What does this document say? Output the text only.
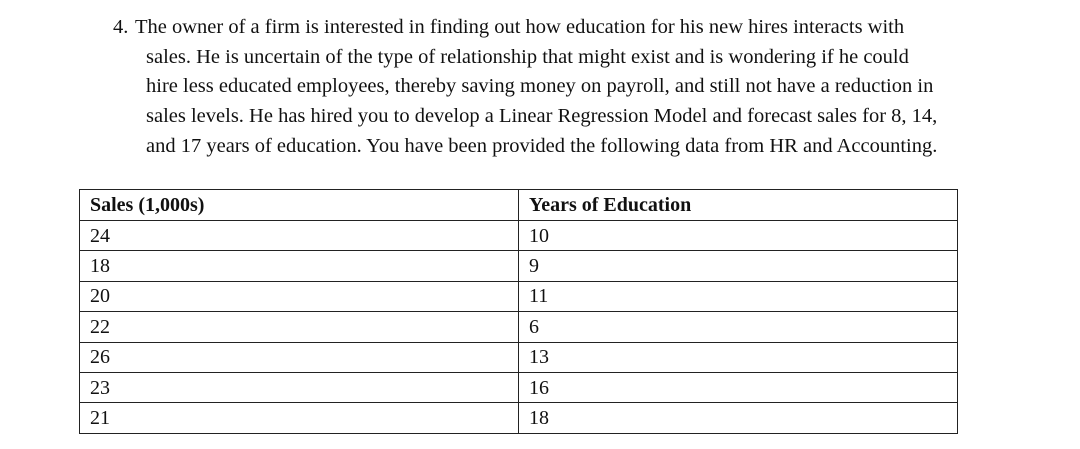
4. The owner of a firm is interested in finding out how education for his new hires interacts with
sales. He is uncertain of the type of relationship that might exist and is wondering if he could
hire less educated employees, thereby saving money on payroll, and still not have a reduction in
sales levels. He has hired you to develop a Linear Regression Model and forecast sales for 8, 14,
and 17 years of education. You have been provided the following data from HR and Accounting.
Sales (1,000s)	Years of Education
24	10
18	9
20	11
22	6
26	13
23	16
21	18
